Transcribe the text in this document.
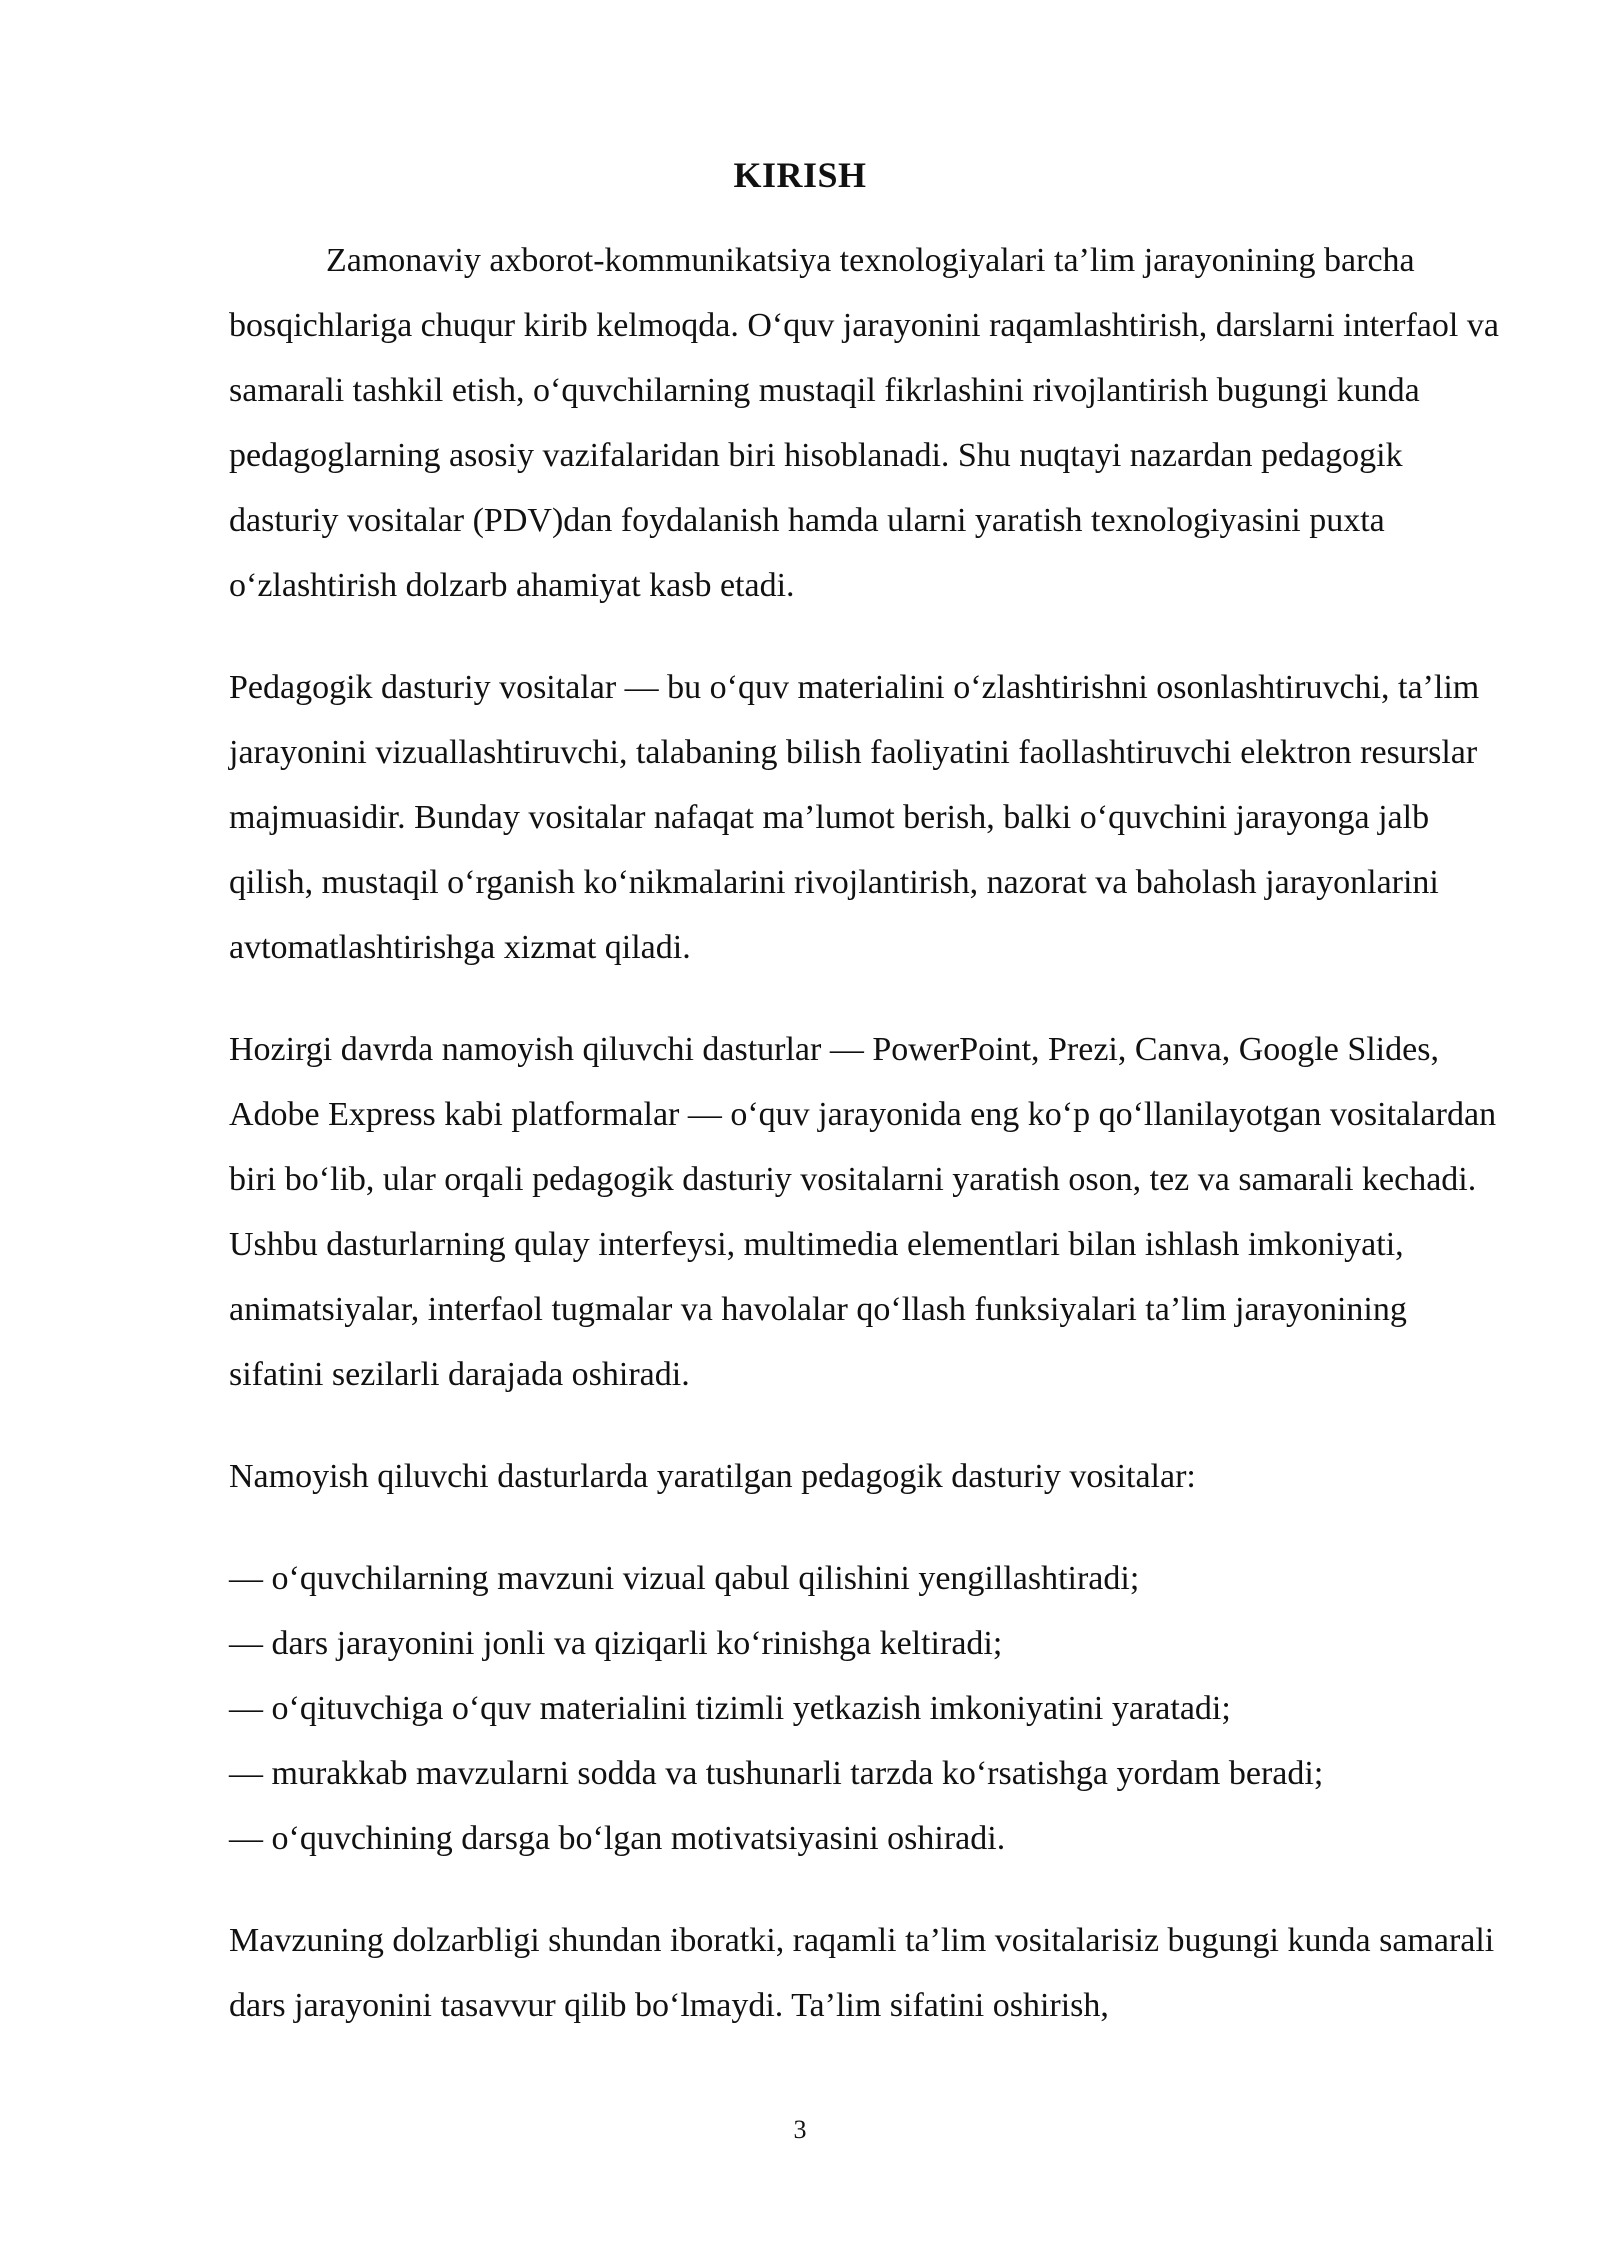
KIRISH

Zamonaviy axborot-kommunikatsiya texnologiyalari ta’lim jarayonining barcha bosqichlariga chuqur kirib kelmoqda. O‘quv jarayonini raqamlashtirish, darslarni interfaol va samarali tashkil etish, o‘quvchilarning mustaqil fikrlashini rivojlantirish bugungi kunda pedagoglarning asosiy vazifalaridan biri hisoblanadi. Shu nuqtayi nazardan pedagogik dasturiy vositalar (PDV)dan foydalanish hamda ularni yaratish texnologiyasini puxta o‘zlashtirish dolzarb ahamiyat kasb etadi.

Pedagogik dasturiy vositalar — bu o‘quv materialini o‘zlashtirishni osonlashtiruvchi, ta’lim jarayonini vizuallashtiruvchi, talabaning bilish faoliyatini faollashtiruvchi elektron resurslar majmuasidir. Bunday vositalar nafaqat ma’lumot berish, balki o‘quvchini jarayonga jalb qilish, mustaqil o‘rganish ko‘nikmalarini rivojlantirish, nazorat va baholash jarayonlarini avtomatlashtirishga xizmat qiladi.

Hozirgi davrda namoyish qiluvchi dasturlar — PowerPoint, Prezi, Canva, Google Slides, Adobe Express kabi platformalar — o‘quv jarayonida eng ko‘p qo‘llanilayotgan vositalardan biri bo‘lib, ular orqali pedagogik dasturiy vositalarni yaratish oson, tez va samarali kechadi. Ushbu dasturlarning qulay interfeysi, multimedia elementlari bilan ishlash imkoniyati, animatsiyalar, interfaol tugmalar va havolalar qo‘llash funksiyalari ta’lim jarayonining sifatini sezilarli darajada oshiradi.

Namoyish qiluvchi dasturlarda yaratilgan pedagogik dasturiy vositalar:

— o‘quvchilarning mavzuni vizual qabul qilishini yengillashtiradi;
— dars jarayonini jonli va qiziqarli ko‘rinishga keltiradi;
— o‘qituvchiga o‘quv materialini tizimli yetkazish imkoniyatini yaratadi;
— murakkab mavzularni sodda va tushunarli tarzda ko‘rsatishga yordam beradi;
— o‘quvchining darsga bo‘lgan motivatsiyasini oshiradi.

Mavzuning dolzarbligi shundan iboratki, raqamli ta’lim vositalarisiz bugungi kunda samarali dars jarayonini tasavvur qilib bo‘lmaydi. Ta’lim sifatini oshirish,

3
